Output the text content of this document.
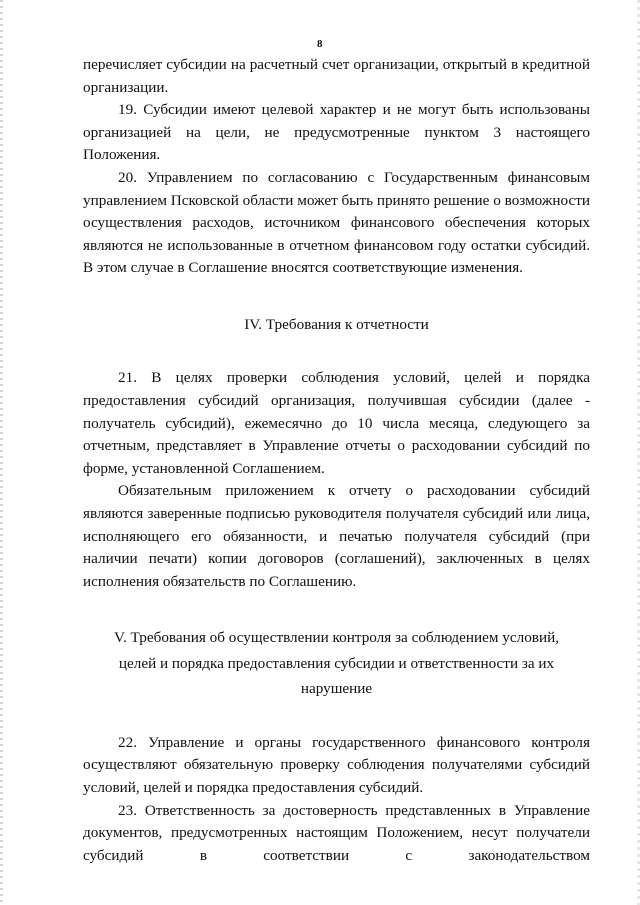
8

перечисляет субсидии на расчетный счет организации, открытый в кредитной организации.

19. Субсидии имеют целевой характер и не могут быть использованы организацией на цели, не предусмотренные пунктом 3 настоящего Положения.

20. Управлением по согласованию с Государственным финансовым управлением Псковской области может быть принято решение о возможности осуществления расходов, источником финансового обеспечения которых являются не использованные в отчетном финансовом году остатки субсидий. В этом случае в Соглашение вносятся соответствующие изменения.

IV. Требования к отчетности

21. В целях проверки соблюдения условий, целей и порядка предоставления субсидий организация, получившая субсидии (далее - получатель субсидий), ежемесячно до 10 числа месяца, следующего за отчетным, представляет в Управление отчеты о расходовании субсидий по форме, установленной Соглашением.

Обязательным приложением к отчету о расходовании субсидий являются заверенные подписью руководителя получателя субсидий или лица, исполняющего его обязанности, и печатью получателя субсидий (при наличии печати) копии договоров (соглашений), заключенных в целях исполнения обязательств по Соглашению.

V. Требования об осуществлении контроля за соблюдением условий,

целей и порядка предоставления субсидии и ответственности за их

нарушение

22. Управление и органы государственного финансового контроля осуществляют обязательную проверку соблюдения получателями субсидий условий, целей и порядка предоставления субсидий.

23. Ответственность за достоверность представленных в Управление документов, предусмотренных настоящим Положением, несут получатели субсидий в соответствии с законодательством
